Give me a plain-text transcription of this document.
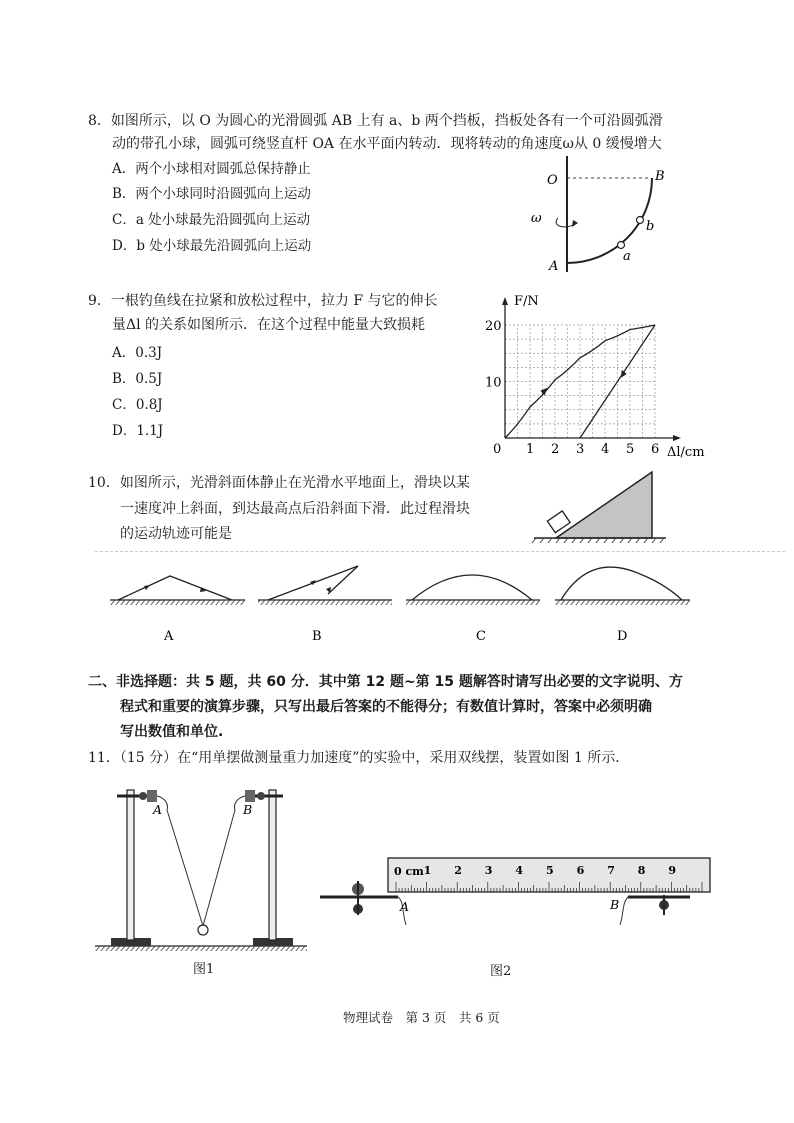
8．如图所示，以 O 为圆心的光滑圆弧 AB 上有 a、b 两个挡板，挡板处各有一个可沿圆弧滑
动的带孔小球，圆弧可绕竖直杆 OA 在水平面内转动．现将转动的角速度ω从 0 缓慢增大
A．两个小球相对圆弧总保持静止
B．两个小球同时沿圆弧向上运动
C．a 处小球最先沿圆弧向上运动
D．b 处小球最先沿圆弧向上运动
O	B
A
a
b
ω
9．一根钓鱼线在拉紧和放松过程中，拉力 F 与它的伸长
量Δl 的关系如图所示．在这个过程中能量大致损耗
A．0.3J
B．0.5J
C．0.8J
D．1.1J
0 1 2 3 4 5 6
10
20
F/N
Δl/cm
10．如图所示，光滑斜面体静止在光滑水平地面上，滑块以某
一速度冲上斜面，到达最高点后沿斜面下滑．此过程滑块
的运动轨迹可能是
A	B	C	D
二、非选择题：共 5 题，共 60 分．其中第 12 题~第 15 题解答时请写出必要的文字说明、方
程式和重要的演算步骤，只写出最后答案的不能得分；有数值计算时，答案中必须明确
写出数值和单位.
11．（15 分）在“用单摆做测量重力加速度”的实验中，采用双线摆，装置如图 1 所示．
A	B
图1
1 2 3 4 5 6 7 8 9
A	B
0 cm
图2
物理试卷　第 3 页　共 6 页
